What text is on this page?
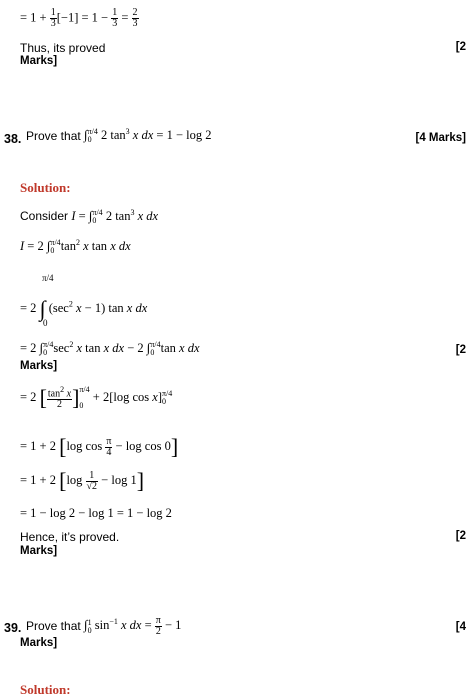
= $1 + \frac{1}{3} [-1] = 1 - \frac{1}{3} = \frac{2}{3}$
Thus, its proved	[2
Marks]
38. Prove that ∫ π/4
0 2 $\tan^3 x$ dx = 1 − log 2	[4 Marks]
Solution:
Consider I = ∫ π/4
0 2 $\tan^3 x$ dx
I = 2 ∫ π/4
0 $\tan^2 x$ tan x dx
π/4
= 2 ∫ ($\sec^2$ x − 1) tan x dx
0
= 2 ∫ π/4
0 $\sec^2 x$ tan x dx − 2 ∫ π/4
0 tan x dx	[2
Marks]
= 2 [ $\frac{\tan^2 x}{2}$ ] π/4

0
+ 2[log cos x] π/4
0
= 1 + 2 [log $\cos \frac{\pi}{4} - \log \cos 0$]
= 1 + 2 $[\log \frac{1}{√2} - \log 1]$
= 1 − log 2 − log 1 = 1 − log 2
Hence, it’s proved.	[2
Marks]
39. Prove that ∫ 1
0 $\sin^{-1} x$ dx = $\frac{\pi}{2} - 1$	[4
Marks]
Solution:
